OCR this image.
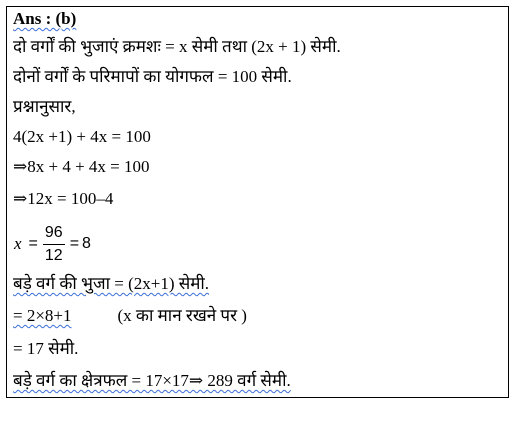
Ans : (b)
दो वर्गों की भुजाएं क्रमशः = x सेमी तथा (2x + 1) सेमी.
दोनों वर्गों के परिमापों का योगफल = 100 सेमी.
प्रश्नानुसार,
4(2x +1) + 4x = 100
⇒8x + 4 + 4x = 100
⇒12x = 100–4
$x = \frac{96}{12} = 8$
बड़े वर्ग की भुजा = (2x+1) सेमी.
= 2×8+1	(x का मान रखने पर )
= 17 सेमी.
बड़े वर्ग का क्षेत्रफल = 17×17⇒ 289 वर्ग सेमी.
